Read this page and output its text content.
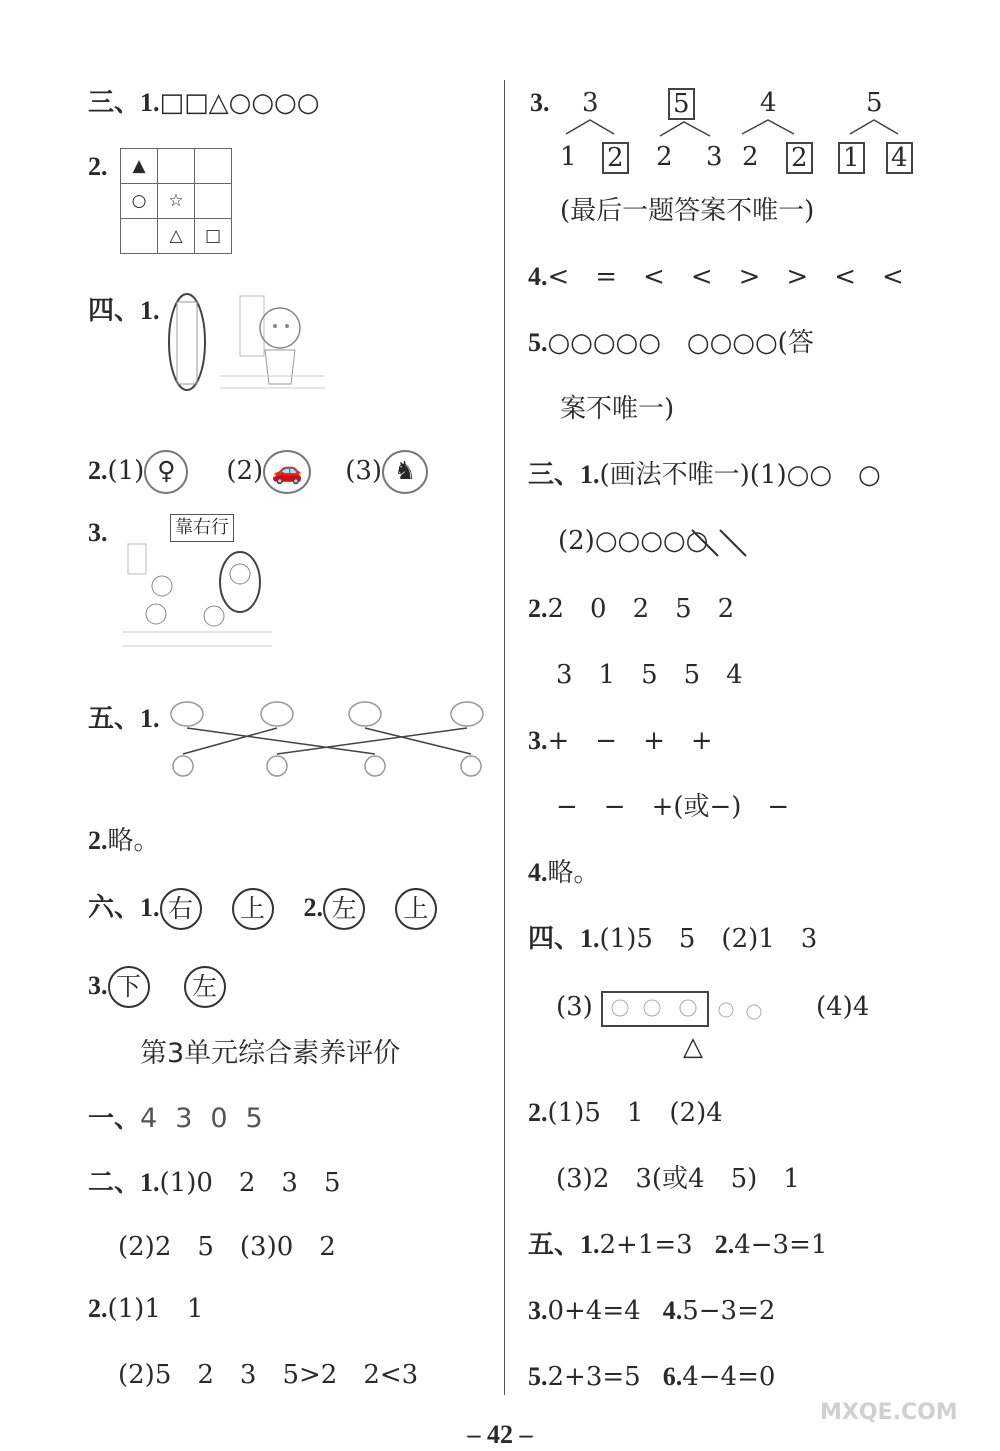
三、1.□□△○○○○
2. ▲		
○	☆	
	△	□
四、1.
2.(1) ♀ (2) 🚗 (3) ♞
3.	靠右行
五、1.
2.略。
六、1. 右 上 2. 左 上
3. 下 左
第3单元综合素养评价
一、4305
二、1.(1)0　2　3　5
(2)2　5　(3)0　2
2.(1)1　1
(2)5　2　3　5>2　2<3
3. 3	5	4	5
1 2 2 3 2 2 1 4
(最后一题答案不唯一)
4.<　=　<　<　>　>　<　<
5.○○○○○　○○○○(答
案不唯一)
三、1.(画法不唯一)(1)○○　○
(2)○○○○○
2.2　0　2　5　2
3　1　5　5　4
3.+　−　+　+
−　−　+(或−)　−
4.略。
四、1.(1)5　5　(2)1　3
(3)	(4)4
△
2.(1)5　1　(2)4
(3)2　3(或4　5)　1
五、1.2+1=3 2.4−3=1
3.0+4=4 4.5−3=2
5.2+3=5 6.4−4=0
– 42 –
MXQE.COM
